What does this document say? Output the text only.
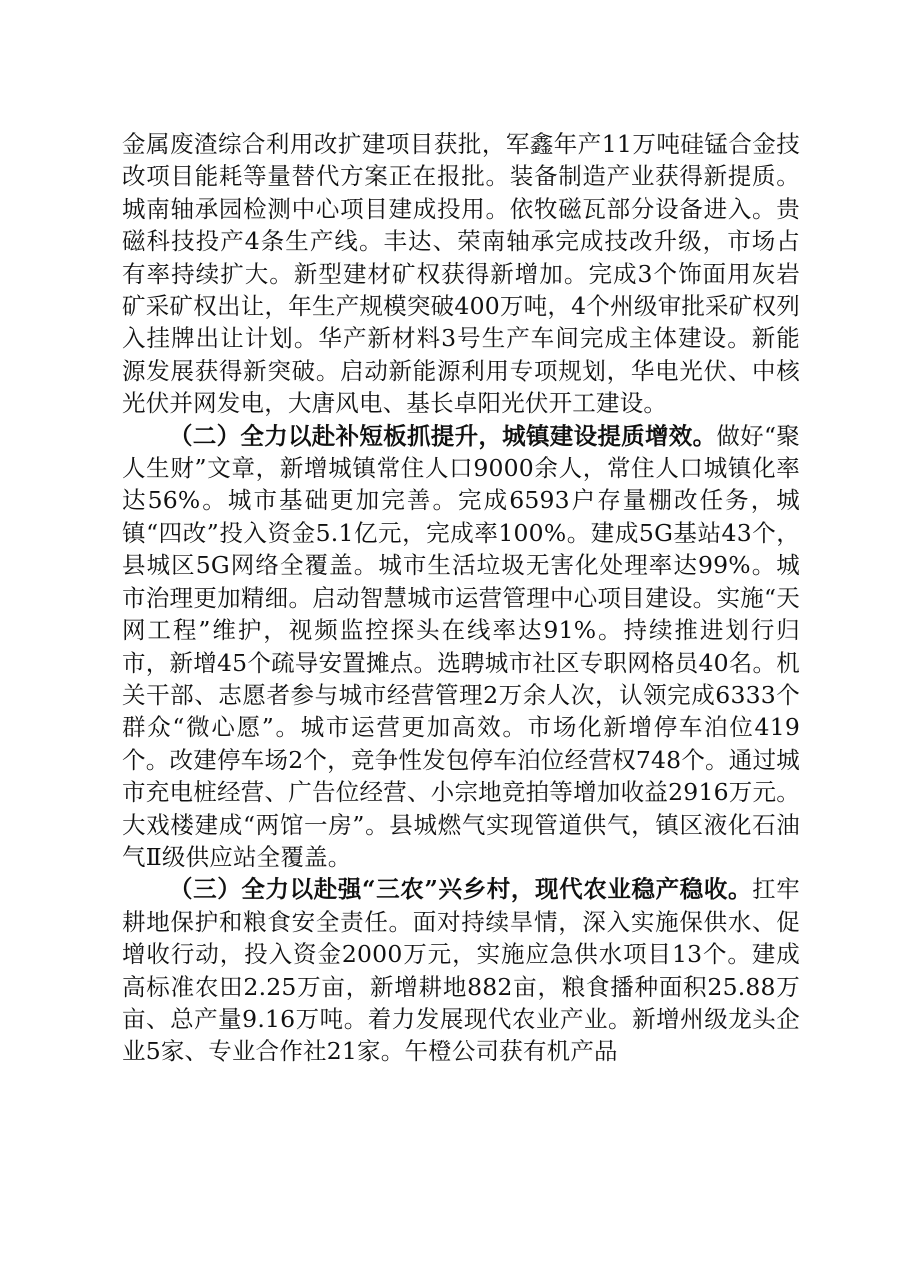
金属废渣综合利用改扩建项目获批，军鑫年产11万吨硅锰合金技改项目能耗等量替代方案正在报批。装备制造产业获得新提质。城南轴承园检测中心项目建成投用。依牧磁瓦部分设备进入。贵磁科技投产4条生产线。丰达、荣南轴承完成技改升级，市场占有率持续扩大。新型建材矿权获得新增加。完成3个饰面用灰岩矿采矿权出让，年生产规模突破400万吨，4个州级审批采矿权列入挂牌出让计划。华产新材料3号生产车间完成主体建设。新能源发展获得新突破。启动新能源利用专项规划，华电光伏、中核光伏并网发电，大唐风电、基长卓阳光伏开工建设。

（二）全力以赴补短板抓提升，城镇建设提质增效。做好“聚人生财”文章，新增城镇常住人口9000余人，常住人口城镇化率达56%。城市基础更加完善。完成6593户存量棚改任务，城镇“四改”投入资金5.1亿元，完成率100%。建成5G基站43个，县城区5G网络全覆盖。城市生活垃圾无害化处理率达99%。城市治理更加精细。启动智慧城市运营管理中心项目建设。实施“天网工程”维护，视频监控探头在线率达91%。持续推进划行归市，新增45个疏导安置摊点。选聘城市社区专职网格员40名。机关干部、志愿者参与城市经营管理2万余人次，认领完成6333个群众“微心愿”。城市运营更加高效。市场化新增停车泊位419个。改建停车场2个，竞争性发包停车泊位经营权748个。通过城市充电桩经营、广告位经营、小宗地竞拍等增加收益2916万元。大戏楼建成“两馆一房”。县城燃气实现管道供气，镇区液化石油气Ⅱ级供应站全覆盖。

（三）全力以赴强“三农”兴乡村，现代农业稳产稳收。扛牢耕地保护和粮食安全责任。面对持续旱情，深入实施保供水、促增收行动，投入资金2000万元，实施应急供水项目13个。建成高标准农田2.25万亩，新增耕地882亩，粮食播种面积25.88万亩、总产量9.16万吨。着力发展现代农业产业。新增州级龙头企业5家、专业合作社21家。午橙公司获有机产品
